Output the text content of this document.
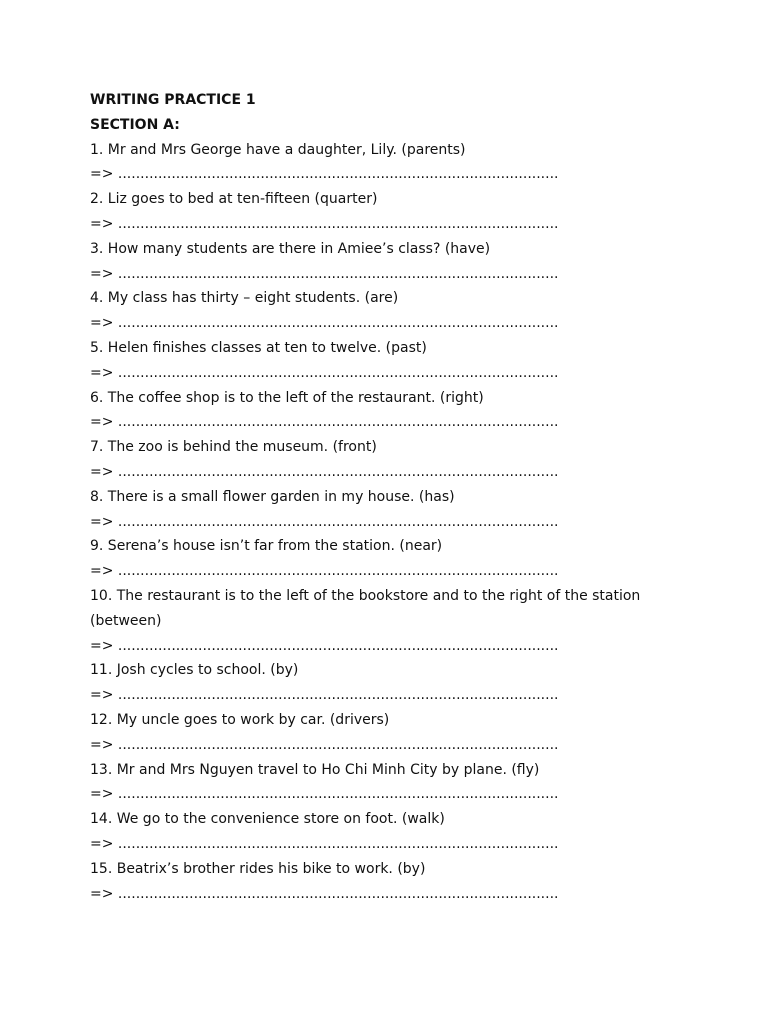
WRITING PRACTICE 1
SECTION A:
1. Mr and Mrs George have a daughter, Lily. (parents)
=> ...................................................................................................
2. Liz goes to bed at ten-fifteen (quarter)
=> ...................................................................................................
3. How many students are there in Amiee’s class? (have)
=> ...................................................................................................
4. My class has thirty – eight students. (are)
=> ...................................................................................................
5. Helen finishes classes at ten to twelve. (past)
=> ...................................................................................................
6. The coffee shop is to the left of the restaurant. (right)
=> ...................................................................................................
7. The zoo is behind the museum. (front)
=> ...................................................................................................
8. There is a small flower garden in my house. (has)
=> ...................................................................................................
9. Serena’s house isn’t far from the station. (near)
=> ...................................................................................................
10. The restaurant is to the left of the bookstore and to the right of the station
(between)
=> ...................................................................................................
11. Josh cycles to school. (by)
=> ...................................................................................................
12. My uncle goes to work by car. (drivers)
=> ...................................................................................................
13. Mr and Mrs Nguyen travel to Ho Chi Minh City by plane. (fly)
=> ...................................................................................................
14. We go to the convenience store on foot. (walk)
=> ...................................................................................................
15. Beatrix’s brother rides his bike to work. (by)
=> ...................................................................................................
